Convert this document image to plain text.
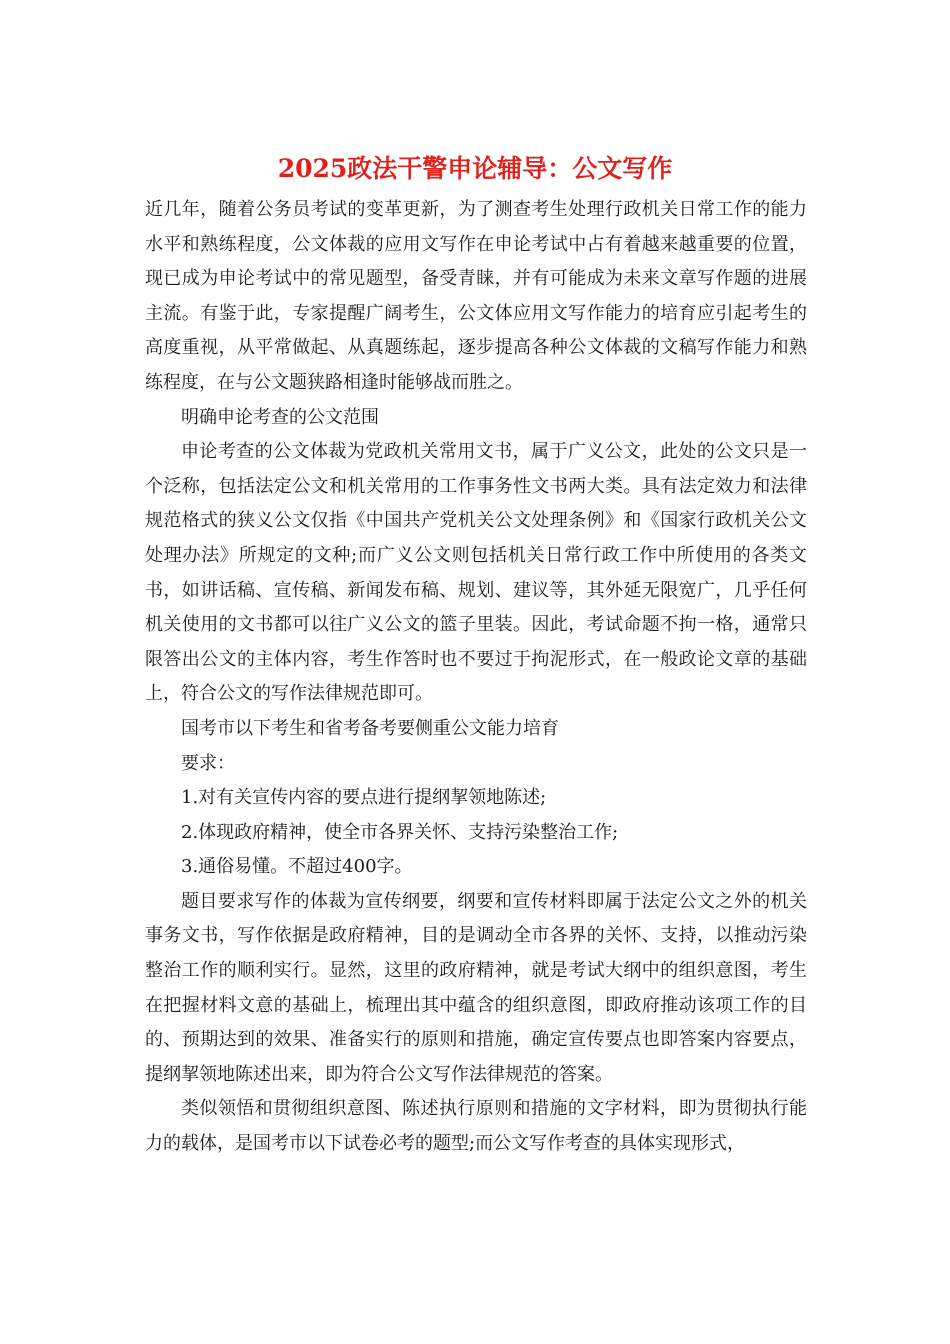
2025政法干警申论辅导：公文写作

近几年，随着公务员考试的变革更新，为了测查考生处理行政机关日常工作的能力水平和熟练程度，公文体裁的应用文写作在申论考试中占有着越来越重要的位置，现已成为申论考试中的常见题型，备受青睐，并有可能成为未来文章写作题的进展主流。有鉴于此，专家提醒广阔考生，公文体应用文写作能力的培育应引起考生的高度重视，从平常做起、从真题练起，逐步提高各种公文体裁的文稿写作能力和熟练程度，在与公文题狭路相逢时能够战而胜之。

明确申论考查的公文范围

申论考查的公文体裁为党政机关常用文书，属于广义公文，此处的公文只是一个泛称，包括法定公文和机关常用的工作事务性文书两大类。具有法定效力和法律规范格式的狭义公文仅指《中国共产党机关公文处理条例》和《国家行政机关公文处理办法》所规定的文种;而广义公文则包括机关日常行政工作中所使用的各类文书，如讲话稿、宣传稿、新闻发布稿、规划、建议等，其外延无限宽广，几乎任何机关使用的文书都可以往广义公文的篮子里装。因此，考试命题不拘一格，通常只限答出公文的主体内容，考生作答时也不要过于拘泥形式，在一般政论文章的基础上，符合公文的写作法律规范即可。

国考市以下考生和省考备考要侧重公文能力培育

要求：

1.对有关宣传内容的要点进行提纲挈领地陈述;

2.体现政府精神，使全市各界关怀、支持污染整治工作;

3.通俗易懂。不超过400字。

题目要求写作的体裁为宣传纲要，纲要和宣传材料即属于法定公文之外的机关事务文书，写作依据是政府精神，目的是调动全市各界的关怀、支持，以推动污染整治工作的顺利实行。显然，这里的政府精神，就是考试大纲中的组织意图，考生在把握材料文意的基础上，梳理出其中蕴含的组织意图，即政府推动该项工作的目的、预期达到的效果、准备实行的原则和措施，确定宣传要点也即答案内容要点，提纲挈领地陈述出来，即为符合公文写作法律规范的答案。

类似领悟和贯彻组织意图、陈述执行原则和措施的文字材料，即为贯彻执行能力的载体，是国考市以下试卷必考的题型;而公文写作考查的具体实现形式，
